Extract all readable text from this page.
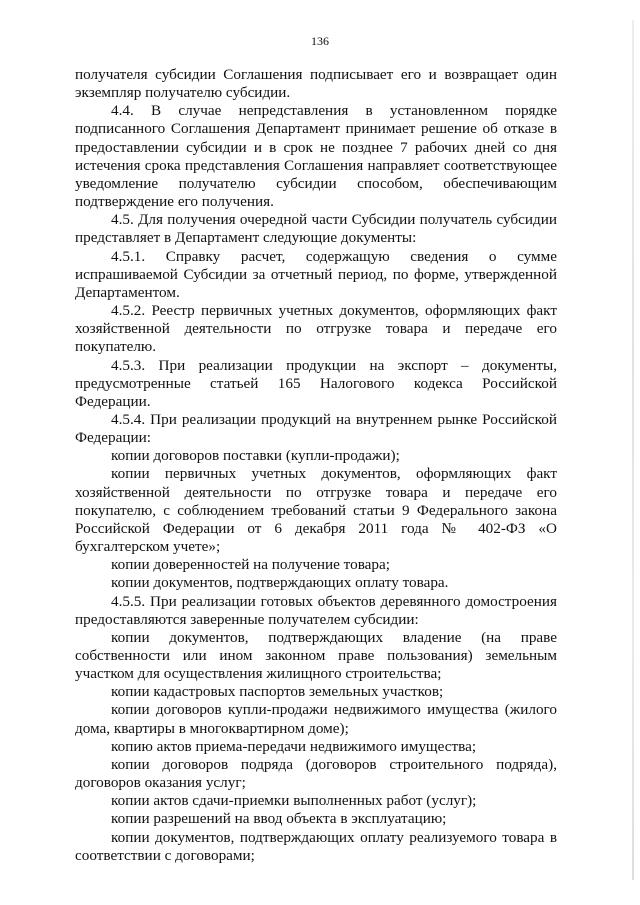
136

получателя субсидии Соглашения подписывает его и возвращает один экземпляр получателю субсидии.

4.4. В случае непредставления в установленном порядке подписанного Соглашения Департамент принимает решение об отказе в предоставлении субсидии и в срок не позднее 7 рабочих дней со дня истечения срока представления Соглашения направляет соответствующее уведомление получателю субсидии способом, обеспечивающим подтверждение его получения.

4.5. Для получения очередной части Субсидии получатель субсидии представляет в Департамент следующие документы:

4.5.1. Справку расчет, содержащую сведения о сумме испрашиваемой Субсидии за отчетный период, по форме, утвержденной Департаментом.

4.5.2. Реестр первичных учетных документов, оформляющих факт хозяйственной деятельности по отгрузке товара и передаче его покупателю.

4.5.3. При реализации продукции на экспорт – документы, предусмотренные статьей 165 Налогового кодекса Российской Федерации.

4.5.4. При реализации продукций на внутреннем рынке Российской Федерации:

копии договоров поставки (купли-продажи);

копии первичных учетных документов, оформляющих факт хозяйственной деятельности по отгрузке товара и передаче его покупателю, с соблюдением требований статьи 9 Федерального закона Российской Федерации от 6 декабря 2011 года № 402-ФЗ «О бухгалтерском учете»;

копии доверенностей на получение товара;

копии документов, подтверждающих оплату товара.

4.5.5. При реализации готовых объектов деревянного домостроения предоставляются заверенные получателем субсидии:

копии документов, подтверждающих владение (на праве собственности или ином законном праве пользования) земельным участком для осуществления жилищного строительства;

копии кадастровых паспортов земельных участков;

копии договоров купли-продажи недвижимого имущества (жилого дома, квартиры в многоквартирном доме);

копию актов приема-передачи недвижимого имущества;

копии договоров подряда (договоров строительного подряда), договоров оказания услуг;

копии актов сдачи-приемки выполненных работ (услуг);

копии разрешений на ввод объекта в эксплуатацию;

копии документов, подтверждающих оплату реализуемого товара в соответствии с договорами;
